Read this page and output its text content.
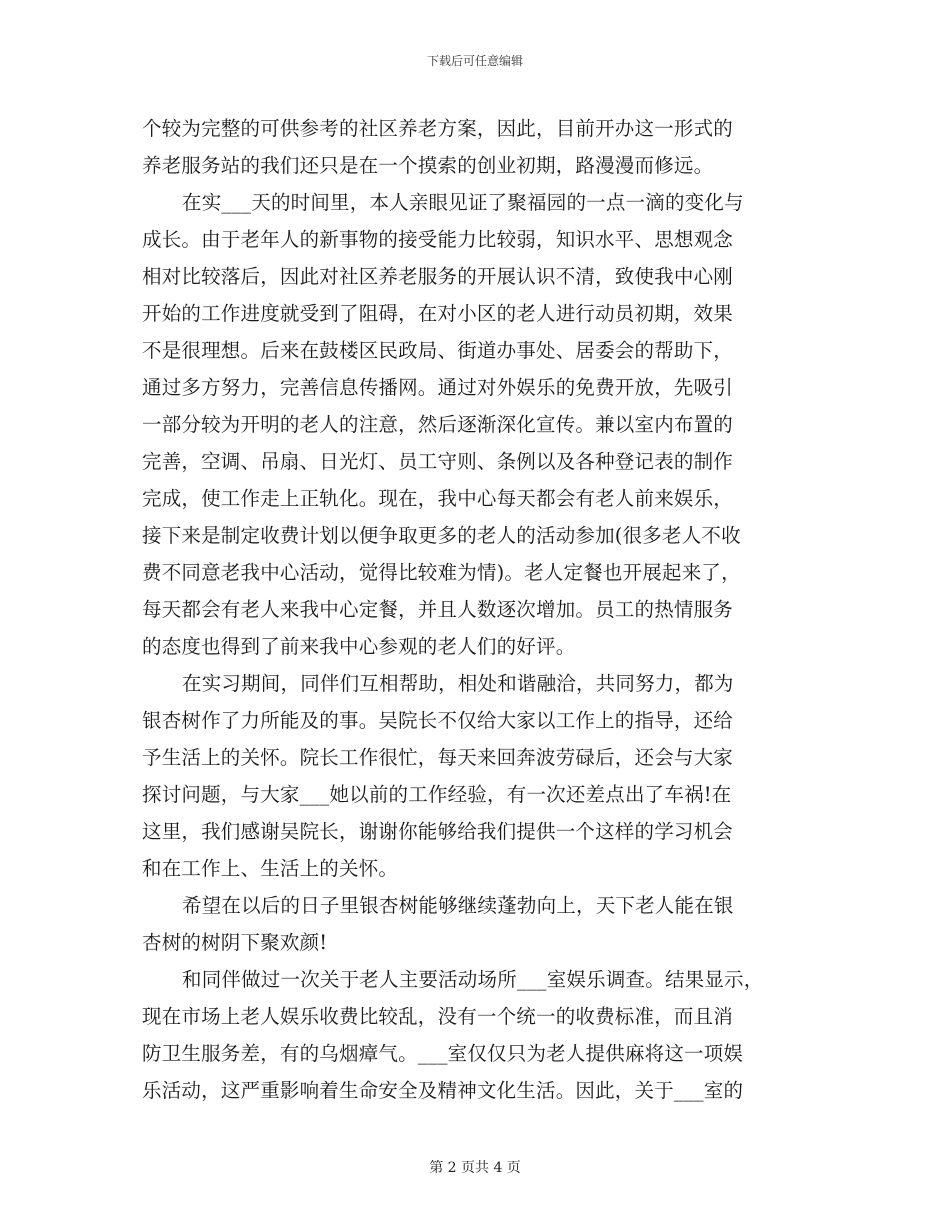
下载后可任意编辑
个较为完整的可供参考的社区养老方案，因此，目前开办这一形式的
养老服务站的我们还只是在一个摸索的创业初期，路漫漫而修远。
在实___天的时间里，本人亲眼见证了聚福园的一点一滴的变化与
成长。由于老年人的新事物的接受能力比较弱，知识水平、思想观念
相对比较落后，因此对社区养老服务的开展认识不清，致使我中心刚
开始的工作进度就受到了阻碍，在对小区的老人进行动员初期，效果
不是很理想。后来在鼓楼区民政局、街道办事处、居委会的帮助下，
通过多方努力，完善信息传播网。通过对外娱乐的免费开放，先吸引
一部分较为开明的老人的注意，然后逐渐深化宣传。兼以室内布置的
完善，空调、吊扇、日光灯、员工守则、条例以及各种登记表的制作
完成，使工作走上正轨化。现在，我中心每天都会有老人前来娱乐，
接下来是制定收费计划以便争取更多的老人的活动参加(很多老人不收
费不同意老我中心活动，觉得比较难为情)。老人定餐也开展起来了，
每天都会有老人来我中心定餐，并且人数逐次增加。员工的热情服务
的态度也得到了前来我中心参观的老人们的好评。
在实习期间，同伴们互相帮助，相处和谐融洽，共同努力，都为
银杏树作了力所能及的事。吴院长不仅给大家以工作上的指导，还给
予生活上的关怀。院长工作很忙，每天来回奔波劳碌后，还会与大家
探讨问题，与大家___她以前的工作经验，有一次还差点出了车祸!在
这里，我们感谢吴院长，谢谢你能够给我们提供一个这样的学习机会
和在工作上、生活上的关怀。
希望在以后的日子里银杏树能够继续蓬勃向上，天下老人能在银
杏树的树阴下聚欢颜!
和同伴做过一次关于老人主要活动场所___室娱乐调查。结果显示，
现在市场上老人娱乐收费比较乱，没有一个统一的收费标准，而且消
防卫生服务差，有的乌烟瘴气。___室仅仅只为老人提供麻将这一项娱
乐活动，这严重影响着生命安全及精神文化生活。因此，关于___室的
第 2 页共 4 页
